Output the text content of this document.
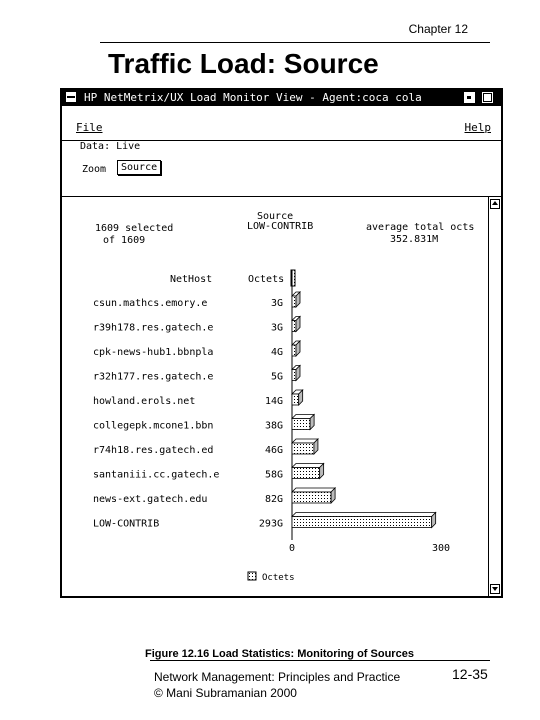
Chapter 12
Traffic Load: Source
HP NetMetrix/UX Load Monitor View - Agent:coca cola
File	Help
Data: Live
Zoom	Source
1609 selected
of 1609
Source
LOW-CONTRIB	average total octs
352.831M
NetHost	Octets
csun.mathcs.emory.e	3G
r39h178.res.gatech.e	3G
cpk-news-hub1.bbnpla	4G
r32h177.res.gatech.e	5G
howland.erols.net	14G
collegepk.mcone1.bbn	38G
r74h18.res.gatech.ed	46G
santaniii.cc.gatech.e	58G
news-ext.gatech.edu	82G
LOW-CONTRIB	293G
0	300
Octets
Figure 12.16 Load Statistics: Monitoring of Sources
Network Management: Principles and Practice
© Mani Subramanian 2000
12-35
